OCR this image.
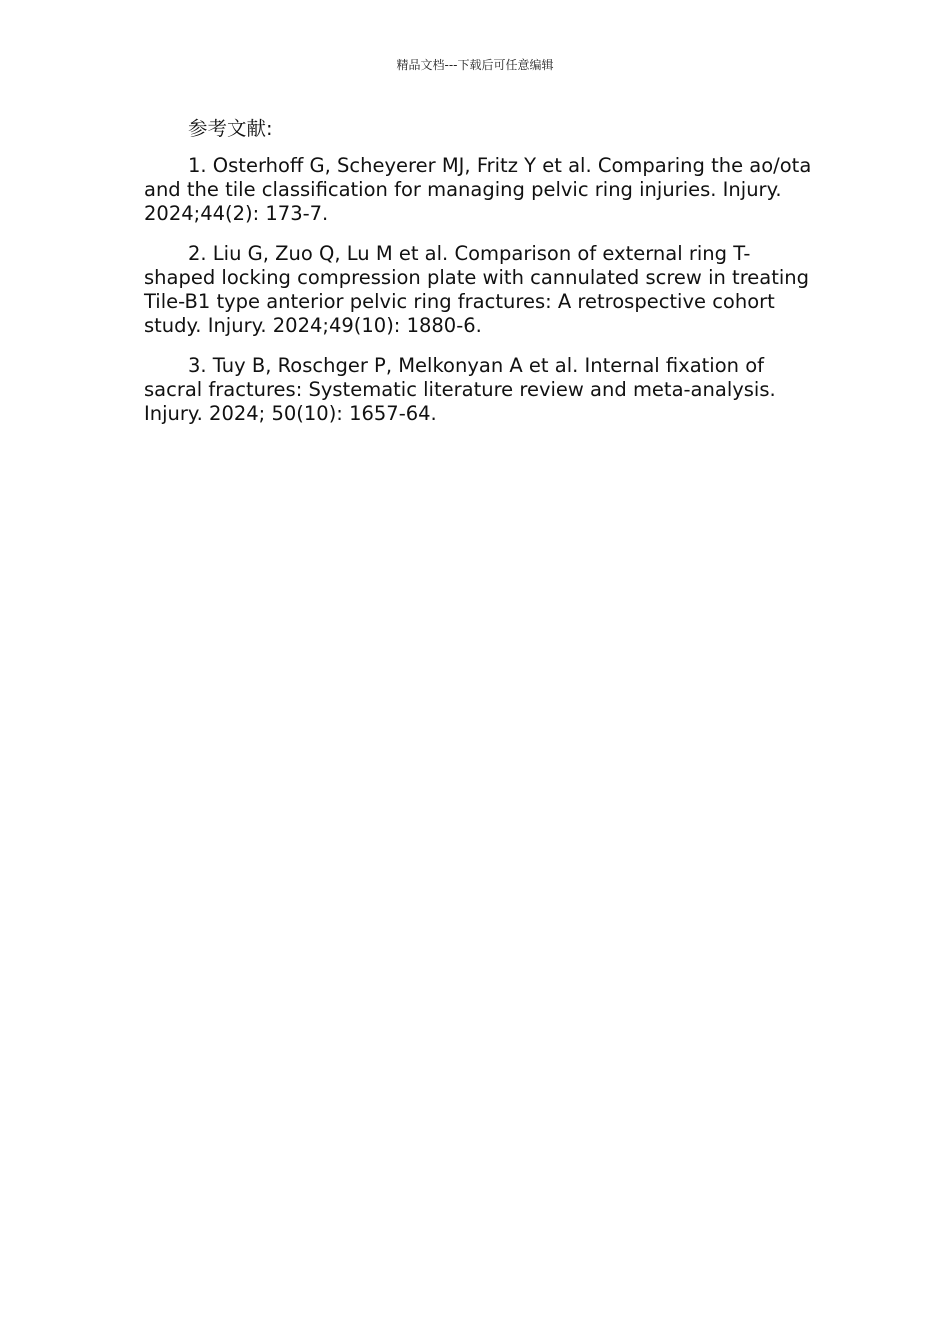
精品文档---下载后可任意编辑

参考文献:

1. Osterhoff G, Scheyerer MJ, Fritz Y et al. Comparing the ao/ota and the tile classification for managing pelvic ring injuries. Injury. 2024;44(2): 173-7.

2. Liu G, Zuo Q, Lu M et al. Comparison of external ring T-shaped locking compression plate with cannulated screw in treating Tile-B1 type anterior pelvic ring fractures: A retrospective cohort study. Injury. 2024;49(10): 1880-6.

3. Tuy B, Roschger P, Melkonyan A et al. Internal fixation of sacral fractures: Systematic literature review and meta-analysis. Injury. 2024; 50(10): 1657-64.
